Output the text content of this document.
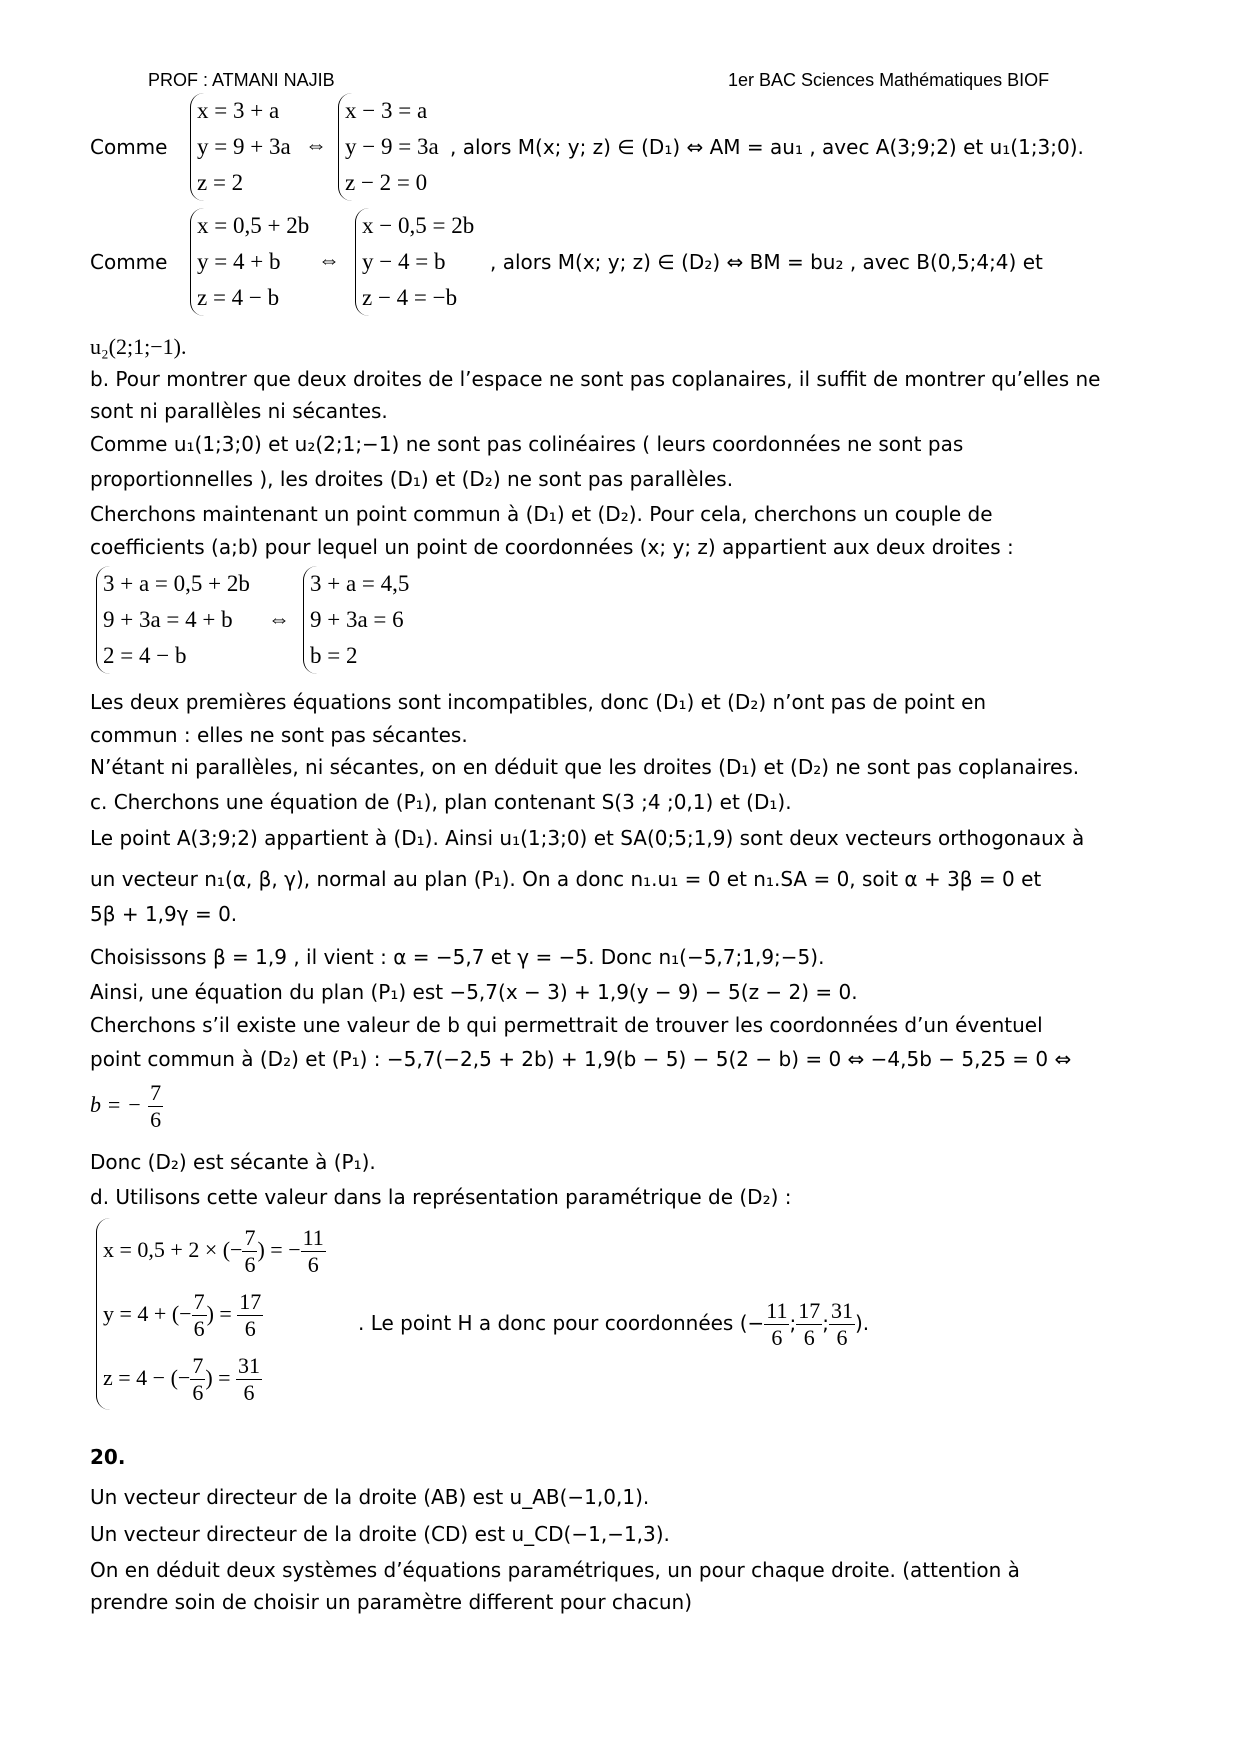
PROF : ATMANI NAJIB	1er BAC Sciences Mathématiques BIOF
Comme
x = 3 + a
y = 9 + 3a
z = 2
⇔
x − 3 = a
y − 9 = 3a
z − 2 = 0
, alors M(x; y; z) ∈ (D₁) ⇔ AM = au₁ , avec A(3;9;2) et u₁(1;3;0).
Comme
x = 0,5 + 2b
y = 4 + b
z = 4 − b
⇔
x − 0,5 = 2b
y − 4 = b
z − 4 = −b
, alors M(x; y; z) ∈ (D₂) ⇔ BM = bu₂ , avec B(0,5;4;4) et
u₂(2;1;−1).
b. Pour montrer que deux droites de l’espace ne sont pas coplanaires, il suffit de montrer qu’elles ne
sont ni parallèles ni sécantes.
Comme u₁(1;3;0) et u₂(2;1;−1) ne sont pas colinéaires ( leurs coordonnées ne sont pas
proportionnelles ), les droites (D₁) et (D₂) ne sont pas parallèles.
Cherchons maintenant un point commun à (D₁) et (D₂). Pour cela, cherchons un couple de
coefficients (a;b) pour lequel un point de coordonnées (x; y; z) appartient aux deux droites :
3 + a = 0,5 + 2b
9 + 3a = 4 + b
2 = 4 − b
⇔
3 + a = 4,5
9 + 3a = 6
b = 2
Les deux premières équations sont incompatibles, donc (D₁) et (D₂) n’ont pas de point en
commun : elles ne sont pas sécantes.
N’étant ni parallèles, ni sécantes, on en déduit que les droites (D₁) et (D₂) ne sont pas coplanaires.
c. Cherchons une équation de (P₁), plan contenant S(3 ;4 ;0,1) et (D₁).
Le point A(3;9;2) appartient à (D₁). Ainsi u₁(1;3;0) et SA(0;5;1,9) sont deux vecteurs orthogonaux à
un vecteur n₁(α, β, γ), normal au plan (P₁). On a donc n₁.u₁ = 0 et n₁.SA = 0, soit α + 3β = 0 et
5β + 1,9γ = 0.
Choisissons β = 1,9 , il vient : α = −5,7 et γ = −5. Donc n₁(−5,7;1,9;−5).
Ainsi, une équation du plan (P₁) est −5,7(x − 3) + 1,9(y − 9) − 5(z − 2) = 0.
Cherchons s’il existe une valeur de b qui permettrait de trouver les coordonnées d’un éventuel
point commun à (D₂) et (P₁) : −5,7(−2,5 + 2b) + 1,9(b − 5) − 5(2 − b) = 0 ⇔ −4,5b − 5,25 = 0 ⇔
b = − $\frac{7}{6}$
Donc (D₂) est sécante à (P₁).
d. Utilisons cette valeur dans la représentation paramétrique de (D₂) :
x = 0,5 + 2 × (− $\frac{7}{6}$ ) = − $\frac{11}{6}$
y = 4 + (− $\frac{7}{6}$ ) = $\frac{17}{6}$
z = 4 − (− $\frac{7}{6}$ ) = $\frac{31}{6}$
. Le point H a donc pour coordonnées (− $\frac{11}{6}$ ; $\frac{17}{6}$ ; $\frac{31}{6}$ ).
20.
Un vecteur directeur de la droite (AB) est u_AB(−1,0,1).
Un vecteur directeur de la droite (CD) est u_CD(−1,−1,3).
On en déduit deux systèmes d’équations paramétriques, un pour chaque droite. (attention à
prendre soin de choisir un paramètre different pour chacun)
